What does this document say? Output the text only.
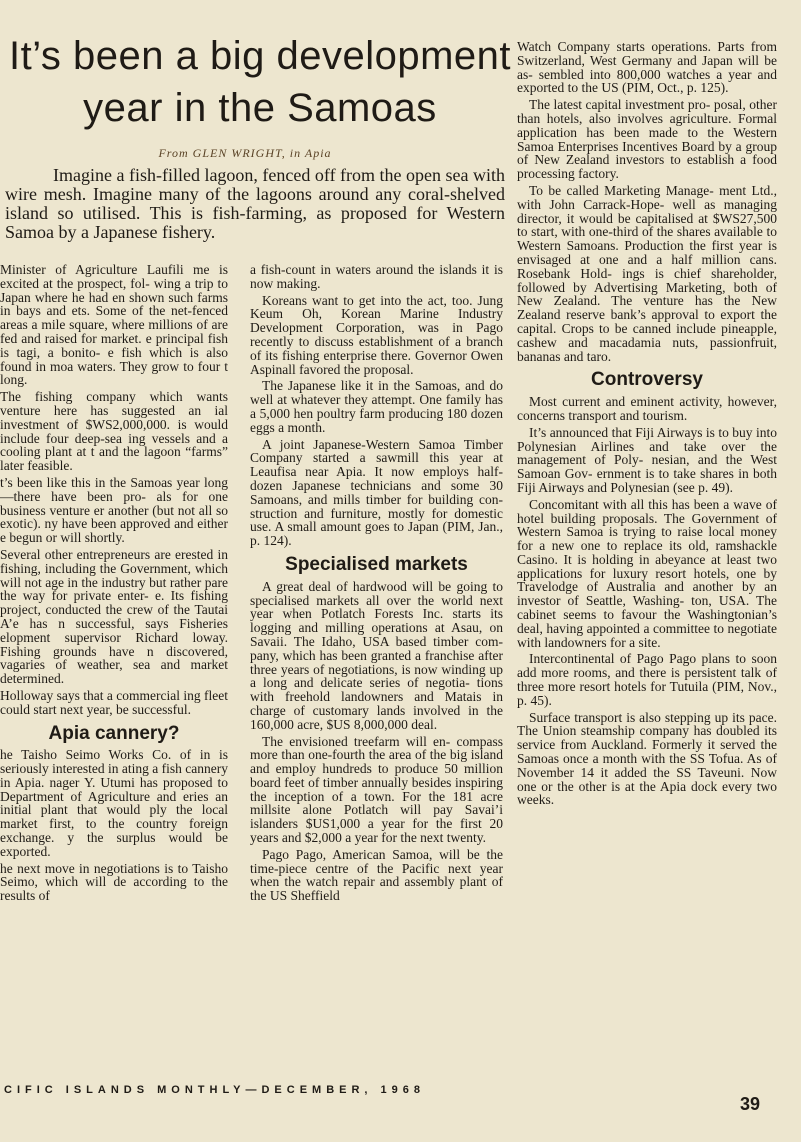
It’s been a big development
year in the Samoas
From GLEN WRIGHT, in Apia

Imagine a fish-filled lagoon, fenced off from the open sea with wire mesh. Imagine many of the lagoons around any coral-shelved island so utilised. This is fish-farming, as proposed for Western Samoa by a Japanese fishery.

Minister of Agriculture Laufili me is excited at the prospect, fol- wing a trip to Japan where he had en shown such farms in bays and ets. Some of the net-fenced areas a mile square, where millions of are fed and raised for market. e principal fish is tagi, a bonito- e fish which is also found in moa waters. They grow to four t long.

The fishing company which wants venture here has suggested an ial investment of $WS2,000,000. is would include four deep-sea ing vessels and a cooling plant at t and the lagoon “farms” later feasible.

t’s been like this in the Samoas year long—there have been pro- als for one business venture er another (but not all so exotic). ny have been approved and either e begun or will shortly.

Several other entrepreneurs are erested in fishing, including the Government, which will not age in the industry but rather pare the way for private enter- e. Its fishing project, conducted the crew of the Tautai A’e has n successful, says Fisheries elopment supervisor Richard loway. Fishing grounds have n discovered, vagaries of weather, sea and market determined.

Holloway says that a commercial ing fleet could start next year, be successful.

Apia cannery?

he Taisho Seimo Works Co. of in is seriously interested in ating a fish cannery in Apia. nager Y. Utumi has proposed to Department of Agriculture and eries an initial plant that would ply the local market first, to the country foreign exchange. y the surplus would be exported.

he next move in negotiations is to Taisho Seimo, which will de according to the results of

a fish-count in waters around the islands it is now making.

Koreans want to get into the act, too. Jung Keum Oh, Korean Marine Industry Development Corporation, was in Pago recently to discuss establishment of a branch of its fishing enterprise there. Governor Owen Aspinall favored the proposal.

The Japanese like it in the Samoas, and do well at whatever they attempt. One family has a 5,000 hen poultry farm producing 180 dozen eggs a month.

A joint Japanese-Western Samoa Timber Company started a sawmill this year at Leaufisa near Apia. It now employs half-dozen Japanese technicians and some 30 Samoans, and mills timber for building con- struction and furniture, mostly for domestic use. A small amount goes to Japan (PIM, Jan., p. 124).

Specialised markets

A great deal of hardwood will be going to specialised markets all over the world next year when Potlatch Forests Inc. starts its logging and milling operations at Asau, on Savaii. The Idaho, USA based timber com- pany, which has been granted a franchise after three years of negotiations, is now winding up a long and delicate series of negotia- tions with freehold landowners and Matais in charge of customary lands involved in the 160,000 acre, $US 8,000,000 deal.

The envisioned treefarm will en- compass more than one-fourth the area of the big island and employ hundreds to produce 50 million board feet of timber annually besides inspiring the inception of a town. For the 181 acre millsite alone Potlatch will pay Savai’i islanders $US1,000 a year for the first 20 years and $2,000 a year for the next twenty.

Pago Pago, American Samoa, will be the time-piece centre of the Pacific next year when the watch repair and assembly plant of the US Sheffield

Watch Company starts operations. Parts from Switzerland, West Germany and Japan will be as- sembled into 800,000 watches a year and exported to the US (PIM, Oct., p. 125).

The latest capital investment pro- posal, other than hotels, also involves agriculture. Formal application has been made to the Western Samoa Enterprises Incentives Board by a group of New Zealand investors to establish a food processing factory.

To be called Marketing Manage- ment Ltd., with John Carrack-Hope- well as managing director, it would be capitalised at $WS27,500 to start, with one-third of the shares available to Western Samoans. Production the first year is envisaged at one and a half million cans. Rosebank Hold- ings is chief shareholder, followed by Advertising Marketing, both of New Zealand. The venture has the New Zealand reserve bank’s approval to export the capital. Crops to be canned include pineapple, cashew and macadamia nuts, passionfruit, bananas and taro.

Controversy

Most current and eminent activity, however, concerns transport and tourism.

It’s announced that Fiji Airways is to buy into Polynesian Airlines and take over the management of Poly- nesian, and the West Samoan Gov- ernment is to take shares in both Fiji Airways and Polynesian (see p. 49).

Concomitant with all this has been a wave of hotel building proposals. The Government of Western Samoa is trying to raise local money for a new one to replace its old, ramshackle Casino. It is holding in abeyance at least two applications for luxury resort hotels, one by Travelodge of Australia and another by an investor of Seattle, Washing- ton, USA. The cabinet seems to favour the Washingtonian’s deal, having appointed a committee to negotiate with landowners for a site.

Intercontinental of Pago Pago plans to soon add more rooms, and there is persistent talk of three more resort hotels for Tutuila (PIM, Nov., p. 45).

Surface transport is also stepping up its pace. The Union steamship company has doubled its service from Auckland. Formerly it served the Samoas once a month with the SS Tofua. As of November 14 it added the SS Taveuni. Now one or the other is at the Apia dock every two weeks.

CIFIC ISLANDS MONTHLY—DECEMBER, 1968
39
